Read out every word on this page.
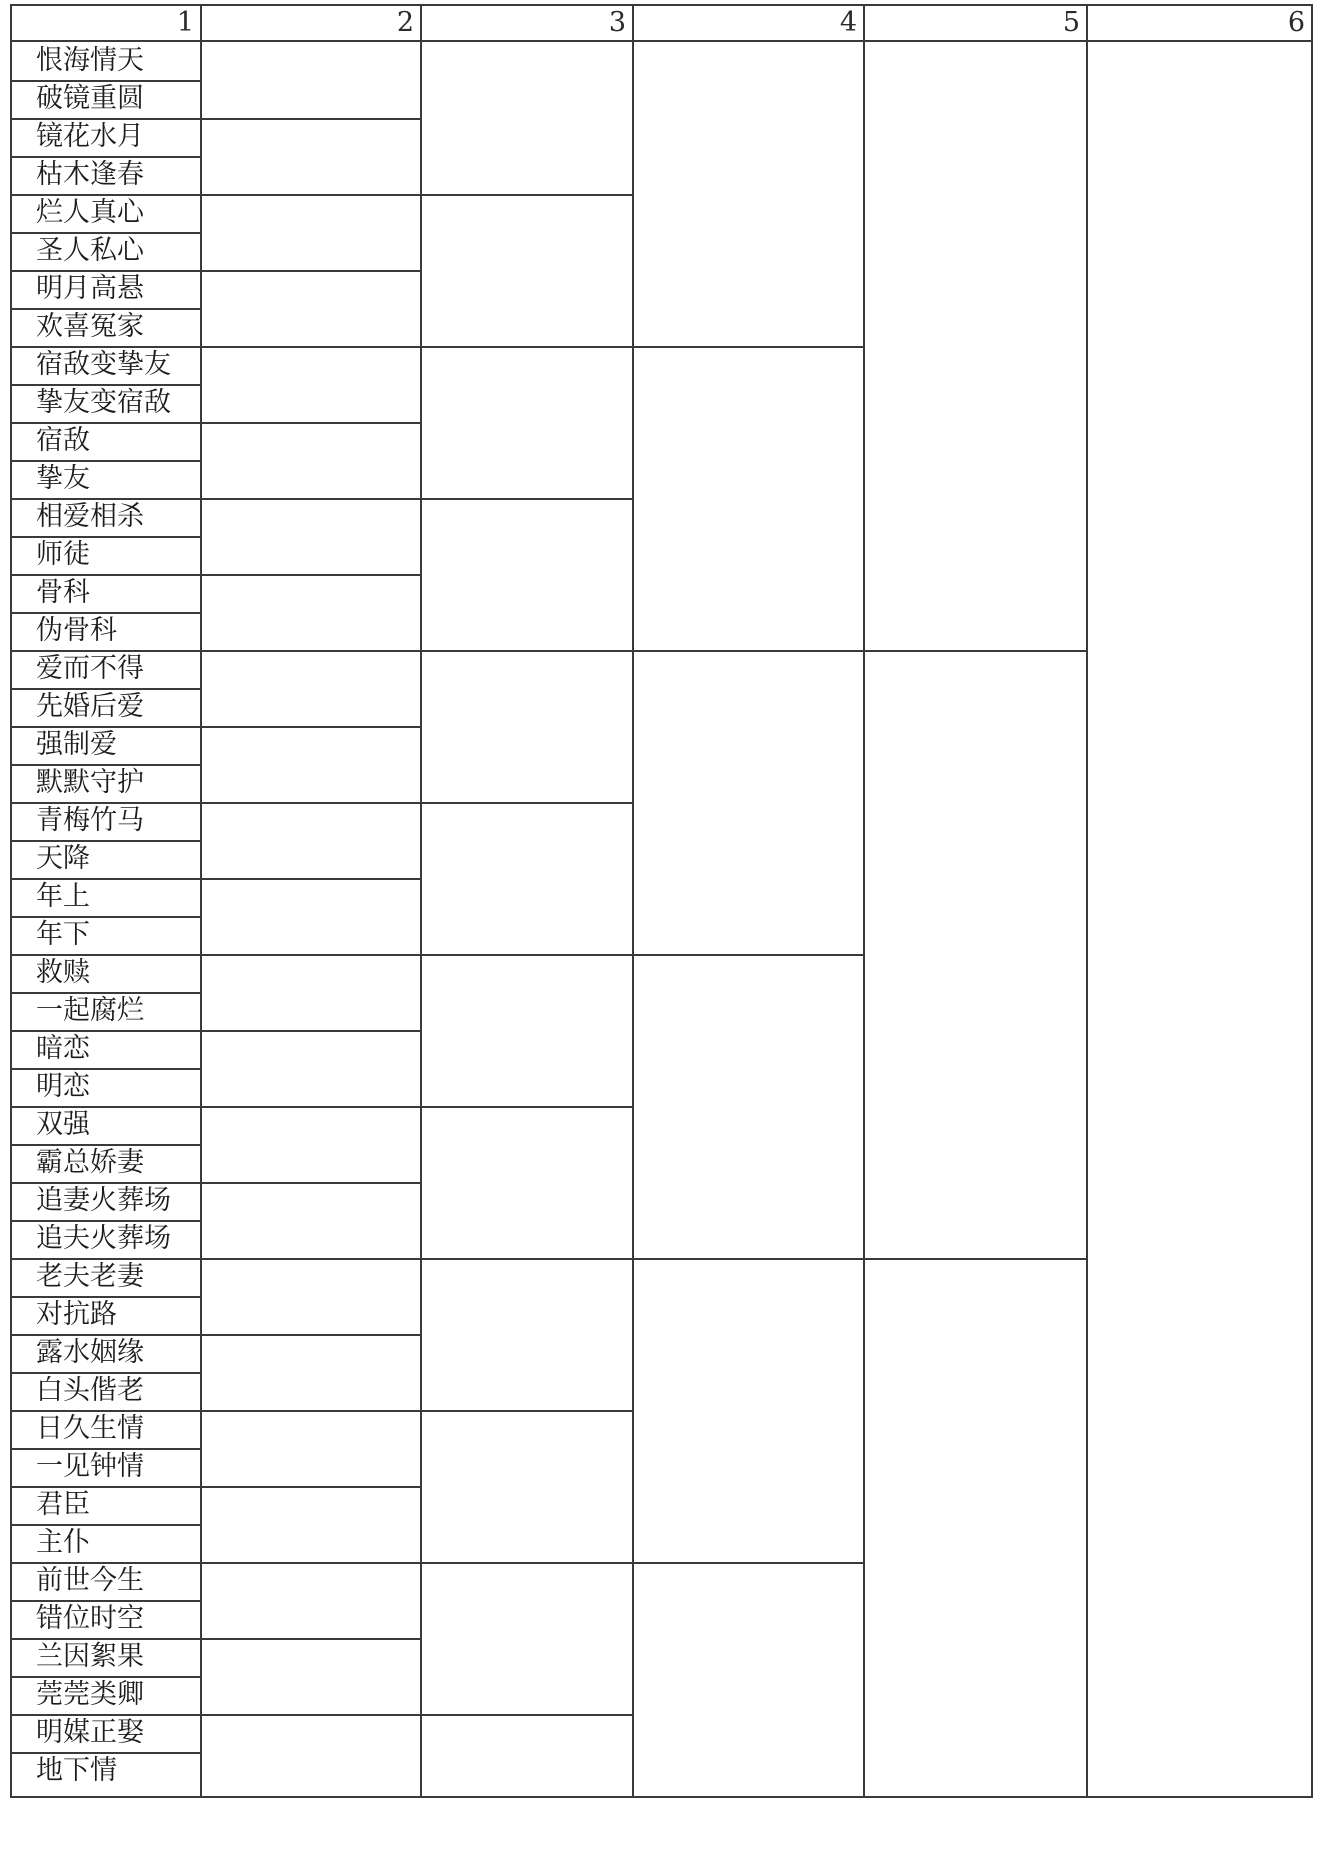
1	2	3	4	5	6
恨海情天
破镜重圆
镜花水月
枯木逢春
烂人真心
圣人私心
明月高悬
欢喜冤家
宿敌变挚友
挚友变宿敌
宿敌
挚友
相爱相杀
师徒
骨科
伪骨科
爱而不得
先婚后爱
强制爱
默默守护
青梅竹马
天降
年上
年下
救赎
一起腐烂
暗恋
明恋
双强
霸总娇妻
追妻火葬场
追夫火葬场
老夫老妻
对抗路
露水姻缘
白头偕老
日久生情
一见钟情
君臣
主仆
前世今生
错位时空
兰因絮果
莞莞类卿
明媒正娶
地下情
